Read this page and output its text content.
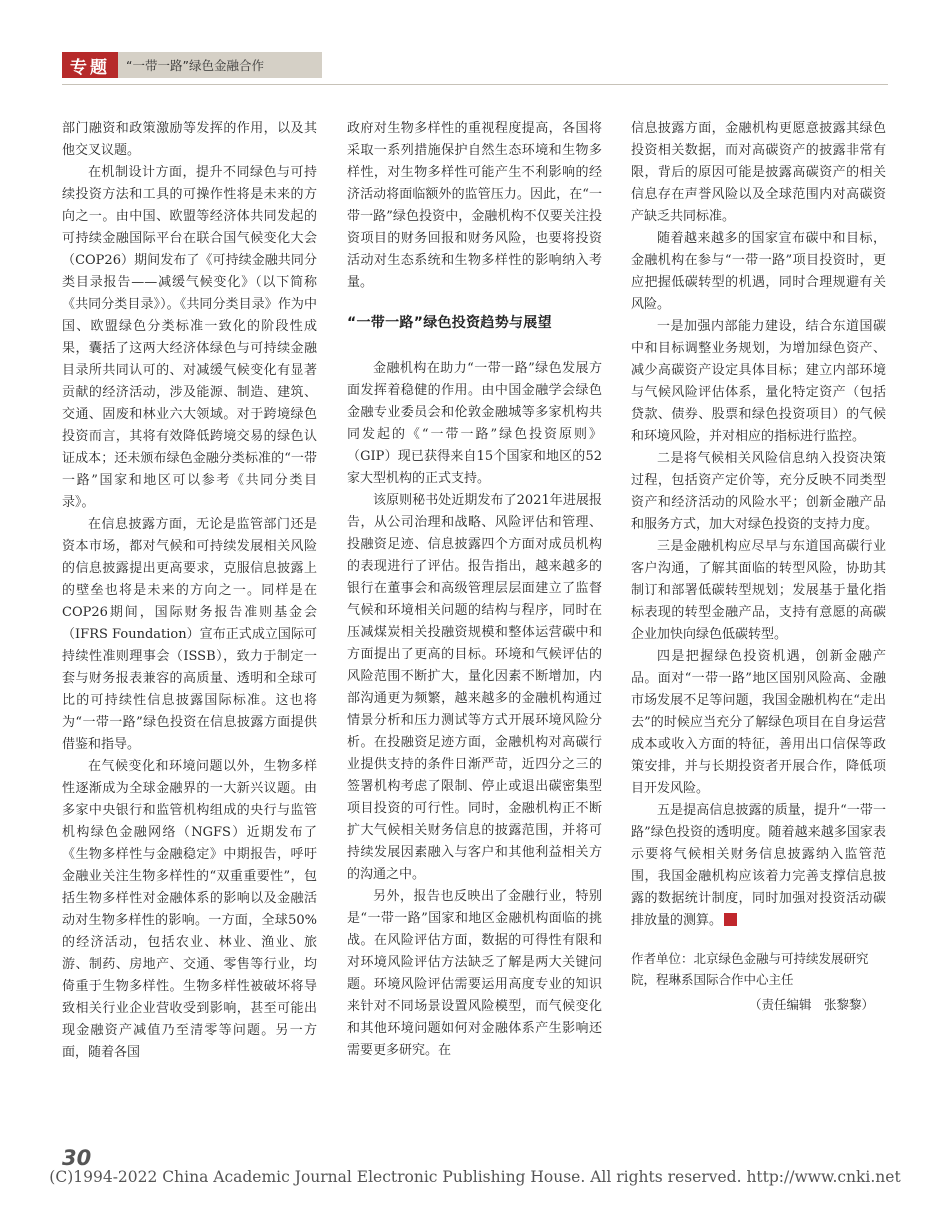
专题	“一带一路”绿色金融合作

部门融资和政策激励等发挥的作用，以及其他交叉议题。

在机制设计方面，提升不同绿色与可持续投资方法和工具的可操作性将是未来的方向之一。由中国、欧盟等经济体共同发起的可持续金融国际平台在联合国气候变化大会（COP26）期间发布了《可持续金融共同分类目录报告——减缓气候变化》（以下简称《共同分类目录》）。《共同分类目录》作为中国、欧盟绿色分类标准一致化的阶段性成果，囊括了这两大经济体绿色与可持续金融目录所共同认可的、对减缓气候变化有显著贡献的经济活动，涉及能源、制造、建筑、交通、固废和林业六大领域。对于跨境绿色投资而言，其将有效降低跨境交易的绿色认证成本；还未颁布绿色金融分类标准的“一带一路”国家和地区可以参考《共同分类目录》。

在信息披露方面，无论是监管部门还是资本市场，都对气候和可持续发展相关风险的信息披露提出更高要求，克服信息披露上的壁垒也将是未来的方向之一。同样是在COP26期间，国际财务报告准则基金会（IFRS Foundation）宣布正式成立国际可持续性准则理事会（ISSB），致力于制定一套与财务报表兼容的高质量、透明和全球可比的可持续性信息披露国际标准。这也将为“一带一路”绿色投资在信息披露方面提供借鉴和指导。

在气候变化和环境问题以外，生物多样性逐渐成为全球金融界的一大新兴议题。由多家中央银行和监管机构组成的央行与监管机构绿色金融网络（NGFS）近期发布了《生物多样性与金融稳定》中期报告，呼吁金融业关注生物多样性的“双重重要性”，包括生物多样性对金融体系的影响以及金融活动对生物多样性的影响。一方面，全球50%的经济活动，包括农业、林业、渔业、旅游、制药、房地产、交通、零售等行业，均倚重于生物多样性。生物多样性被破坏将导致相关行业企业营收受到影响，甚至可能出现金融资产减值乃至清零等问题。另一方面，随着各国

政府对生物多样性的重视程度提高，各国将采取一系列措施保护自然生态环境和生物多样性，对生物多样性可能产生不利影响的经济活动将面临额外的监管压力。因此，在“一带一路”绿色投资中，金融机构不仅要关注投资项目的财务回报和财务风险，也要将投资活动对生态系统和生物多样性的影响纳入考量。

“一带一路”绿色投资趋势与展望

金融机构在助力“一带一路”绿色发展方面发挥着稳健的作用。由中国金融学会绿色金融专业委员会和伦敦金融城等多家机构共同发起的《“一带一路”绿色投资原则》（GIP）现已获得来自15个国家和地区的52家大型机构的正式支持。

该原则秘书处近期发布了2021年进展报告，从公司治理和战略、风险评估和管理、投融资足迹、信息披露四个方面对成员机构的表现进行了评估。报告指出，越来越多的银行在董事会和高级管理层层面建立了监督气候和环境相关问题的结构与程序，同时在压减煤炭相关投融资规模和整体运营碳中和方面提出了更高的目标。环境和气候评估的风险范围不断扩大，量化因素不断增加，内部沟通更为频繁，越来越多的金融机构通过情景分析和压力测试等方式开展环境风险分析。在投融资足迹方面，金融机构对高碳行业提供支持的条件日渐严苛，近四分之三的签署机构考虑了限制、停止或退出碳密集型项目投资的可行性。同时，金融机构正不断扩大气候相关财务信息的披露范围，并将可持续发展因素融入与客户和其他利益相关方的沟通之中。

另外，报告也反映出了金融行业，特别是“一带一路”国家和地区金融机构面临的挑战。在风险评估方面，数据的可得性有限和对环境风险评估方法缺乏了解是两大关键问题。环境风险评估需要运用高度专业的知识来针对不同场景设置风险模型，而气候变化和其他环境问题如何对金融体系产生影响还需要更多研究。在

信息披露方面，金融机构更愿意披露其绿色投资相关数据，而对高碳资产的披露非常有限，背后的原因可能是披露高碳资产的相关信息存在声誉风险以及全球范围内对高碳资产缺乏共同标准。

随着越来越多的国家宣布碳中和目标，金融机构在参与“一带一路”项目投资时，更应把握低碳转型的机遇，同时合理规避有关风险。

一是加强内部能力建设，结合东道国碳中和目标调整业务规划，为增加绿色资产、减少高碳资产设定具体目标；建立内部环境与气候风险评估体系，量化特定资产（包括贷款、债券、股票和绿色投资项目）的气候和环境风险，并对相应的指标进行监控。

二是将气候相关风险信息纳入投资决策过程，包括资产定价等，充分反映不同类型资产和经济活动的风险水平；创新金融产品和服务方式，加大对绿色投资的支持力度。

三是金融机构应尽早与东道国高碳行业客户沟通，了解其面临的转型风险，协助其制订和部署低碳转型规划；发展基于量化指标表现的转型金融产品，支持有意愿的高碳企业加快向绿色低碳转型。

四是把握绿色投资机遇，创新金融产品。面对“一带一路”地区国别风险高、金融市场发展不足等问题，我国金融机构在“走出去”的时候应当充分了解绿色项目在自身运营成本或收入方面的特征，善用出口信保等政策安排，并与长期投资者开展合作，降低项目开发风险。

五是提高信息披露的质量，提升“一带一路”绿色投资的透明度。随着越来越多国家表示要将气候相关财务信息披露纳入监管范围，我国金融机构应该着力完善支撑信息披露的数据统计制度，同时加强对投资活动碳排放量的测算。

作者单位：北京绿色金融与可持续发展研究院，程琳系国际合作中心主任
（责任编辑　张黎黎）
30
(C)1994-2022 China Academic Journal Electronic Publishing House. All rights reserved. http://www.cnki.net
